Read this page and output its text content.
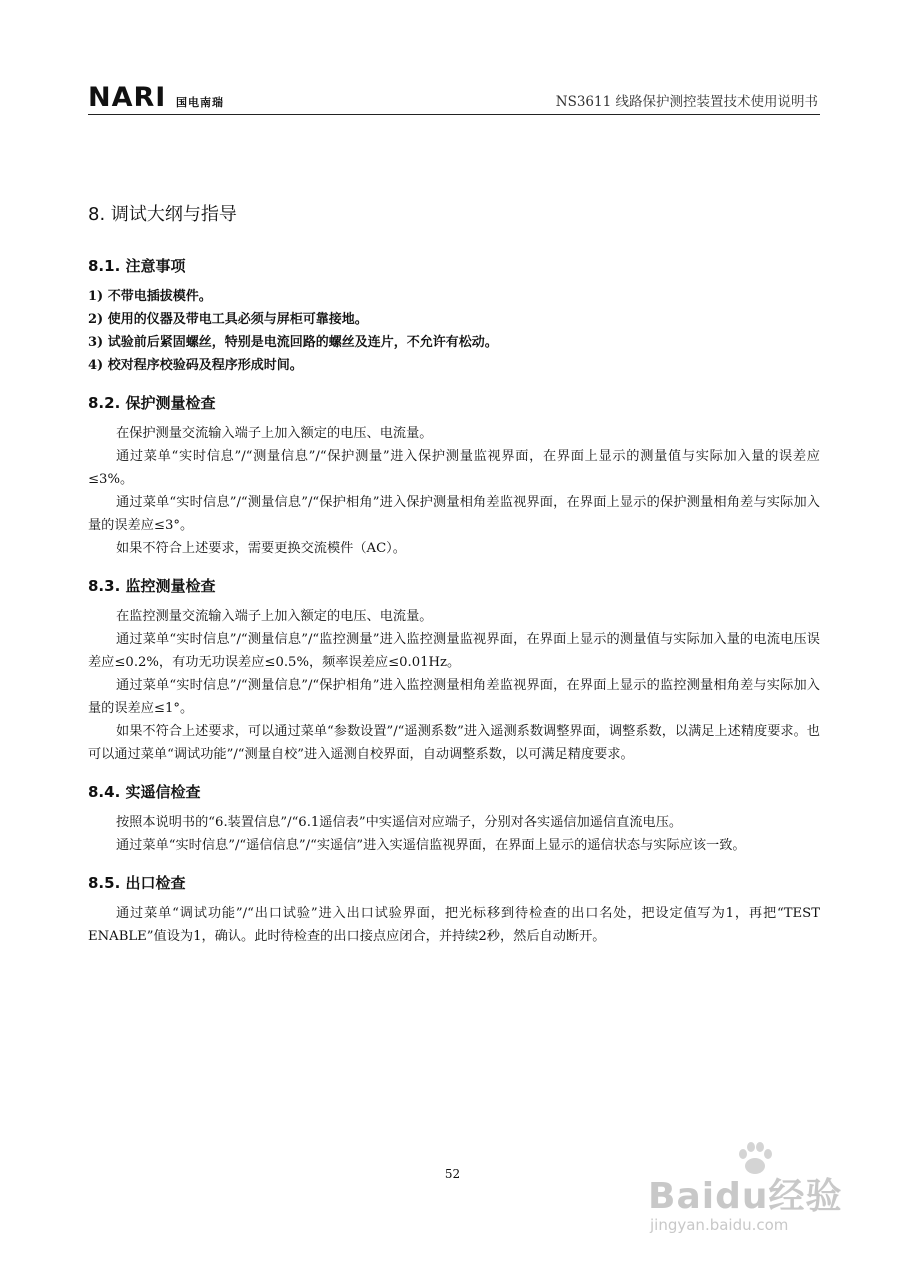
NARI 国电南瑞	NS3611 线路保护测控装置技术使用说明书
8. 调试大纲与指导
8.1. 注意事项
1) 不带电插拔模件。
2) 使用的仪器及带电工具必须与屏柜可靠接地。
3) 试验前后紧固螺丝，特别是电流回路的螺丝及连片，不允许有松动。
4) 校对程序校验码及程序形成时间。
8.2. 保护测量检查

在保护测量交流输入端子上加入额定的电压、电流量。

通过菜单“实时信息”/“测量信息”/“保护测量”进入保护测量监视界面，在界面上显示的测量值与实际加入量的误差应≤3%。

通过菜单“实时信息”/“测量信息”/“保护相角”进入保护测量相角差监视界面，在界面上显示的保护测量相角差与实际加入量的误差应≤3°。

如果不符合上述要求，需要更换交流模件（AC）。

8.3. 监控测量检查

在监控测量交流输入端子上加入额定的电压、电流量。

通过菜单“实时信息”/“测量信息”/“监控测量”进入监控测量监视界面，在界面上显示的测量值与实际加入量的电流电压误差应≤0.2%，有功无功误差应≤0.5%，频率误差应≤0.01Hz。

通过菜单“实时信息”/“测量信息”/“保护相角”进入监控测量相角差监视界面，在界面上显示的监控测量相角差与实际加入量的误差应≤1°。

如果不符合上述要求，可以通过菜单“参数设置”/“遥测系数”进入遥测系数调整界面，调整系数，以满足上述精度要求。也可以通过菜单“调试功能”/“测量自校”进入遥测自校界面，自动调整系数，以可满足精度要求。

8.4. 实遥信检查

按照本说明书的“6.装置信息”/“6.1遥信表”中实遥信对应端子，分别对各实遥信加遥信直流电压。

通过菜单“实时信息”/“遥信信息”/“实遥信”进入实遥信监视界面，在界面上显示的遥信状态与实际应该一致。

8.5. 出口检查

通过菜单“调试功能”/“出口试验”进入出口试验界面，把光标移到待检查的出口名处，把设定值写为1，再把“TEST ENABLE”值设为1，确认。此时待检查的出口接点应闭合，并持续2秒，然后自动断开。

52
Baidu经验
jingyan.baidu.com
